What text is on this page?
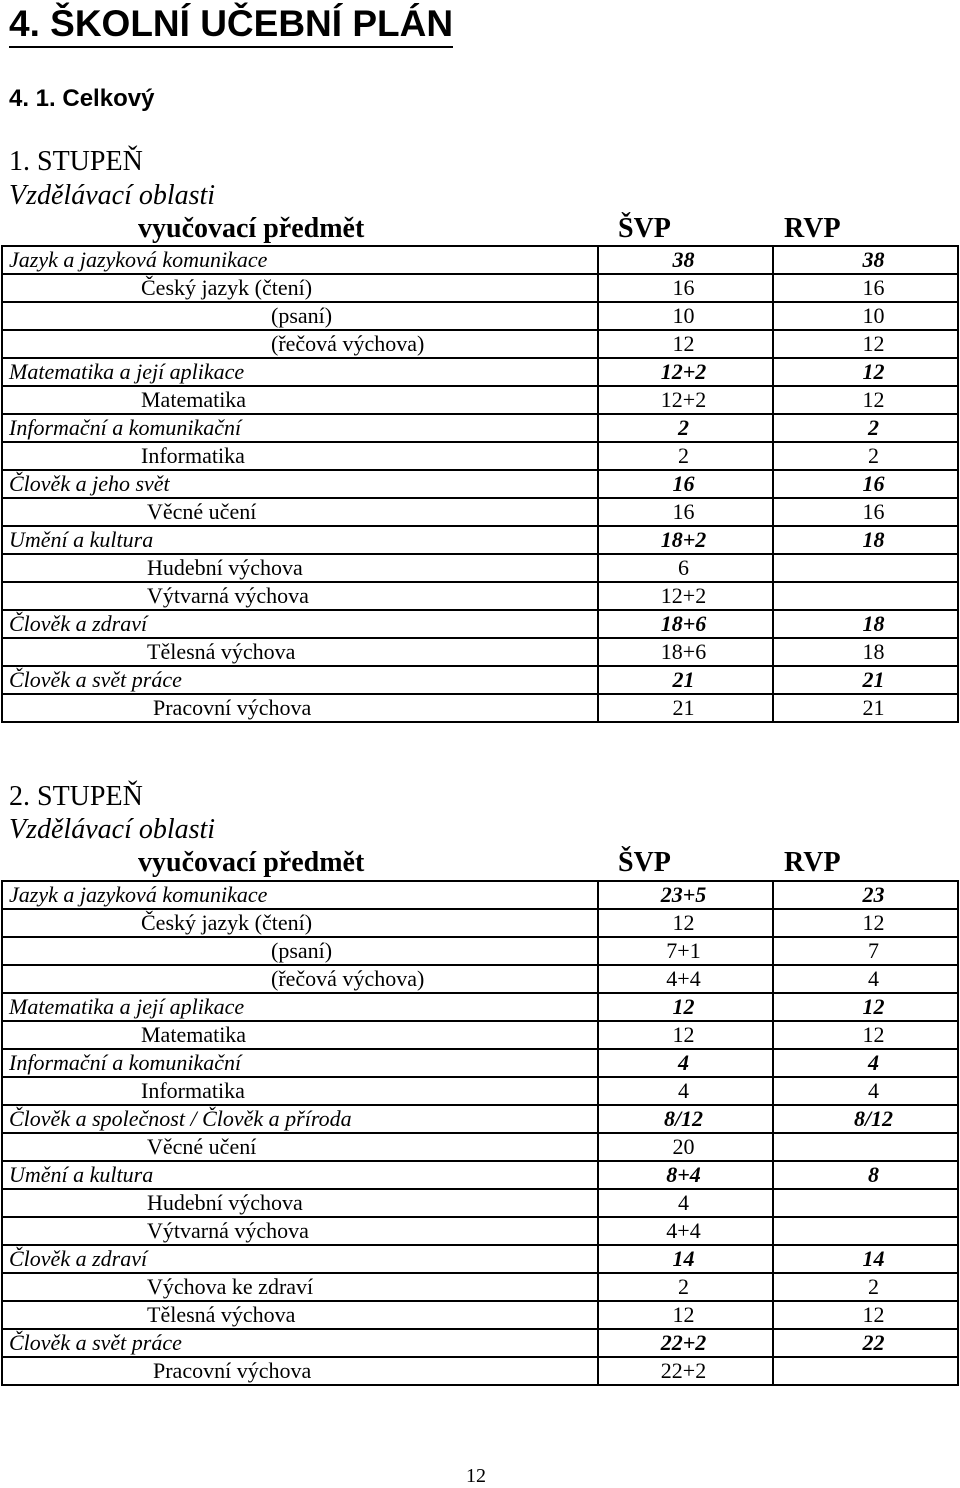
4. ŠKOLNÍ UČEBNÍ PLÁN
4. 1. Celkový
1. STUPEŇ
Vzdělávací oblasti
vyučovací předmět	ŠVP	RVP
Jazyk a jazyková komunikace	38	38

Český jazyk (čtení)	16	16

(psaní)	10	10

(řečová výchova)	12	12
Matematika a její aplikace	12+2	12

Matematika	12+2	12
Informační a komunikační	2	2

Informatika	2	2
Člověk a jeho svět	16	16

Věcné učení	16	16
Umění a kultura	18+2	18

Hudební výchova	6	

Výtvarná výchova	12+2	
Člověk a zdraví	18+6	18

Tělesná výchova	18+6	18
Člověk a svět práce	21	21

Pracovní výchova	21	21
2. STUPEŇ
Vzdělávací oblasti
vyučovací předmět	ŠVP	RVP
Jazyk a jazyková komunikace	23+5	23

Český jazyk (čtení)	12	12

(psaní)	7+1	7

(řečová výchova)	4+4	4
Matematika a její aplikace	12	12

Matematika	12	12
Informační a komunikační	4	4

Informatika	4	4
Člověk a společnost / Člověk a příroda	8/12	8/12

Věcné učení	20	
Umění a kultura	8+4	8

Hudební výchova	4	

Výtvarná výchova	4+4	
Člověk a zdraví	14	14

Výchova ke zdraví	2	2

Tělesná výchova	12	12
Člověk a svět práce	22+2	22

Pracovní výchova	22+2	
12
